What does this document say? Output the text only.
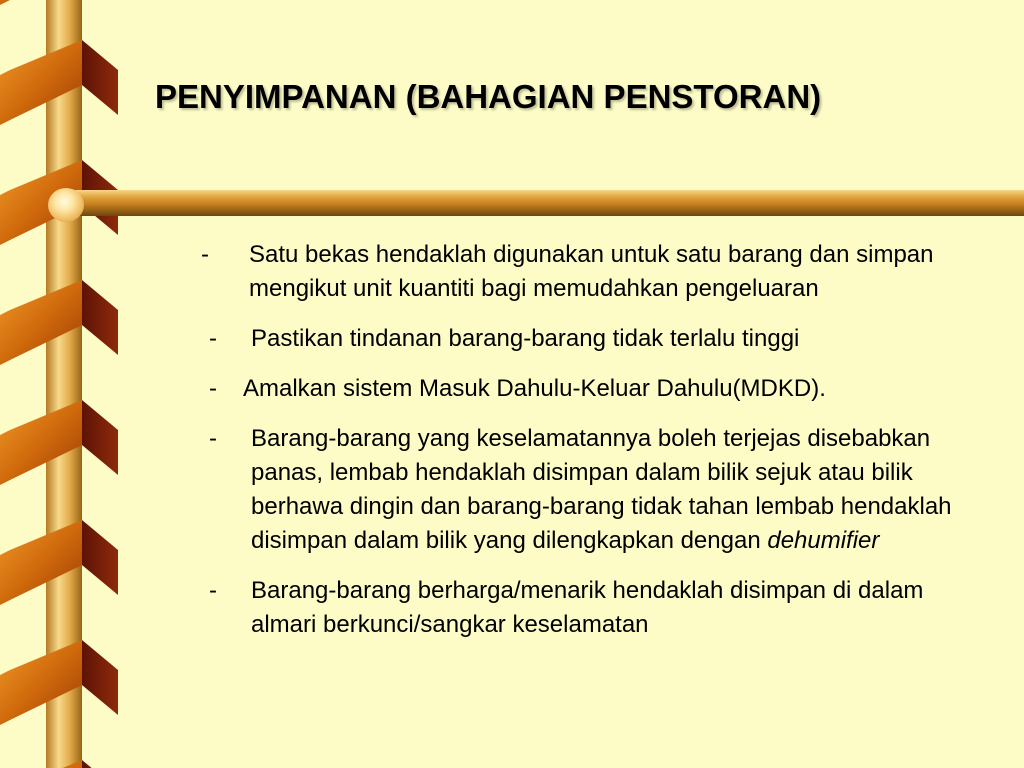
PENYIMPANAN (BAHAGIAN PENSTORAN)
- Satu bekas hendaklah digunakan untuk satu barang dan simpan mengikut unit kuantiti bagi memudahkan pengeluaran
- Pastikan tindanan barang-barang tidak terlalu tinggi
- Amalkan sistem Masuk Dahulu-Keluar Dahulu(MDKD).
- Barang-barang yang keselamatannya boleh terjejas disebabkan panas, lembab hendaklah disimpan dalam bilik sejuk atau bilik berhawa dingin dan barang-barang tidak tahan lembab hendaklah disimpan dalam bilik yang dilengkapkan dengan dehumifier
- Barang-barang berharga/menarik hendaklah disimpan di dalam almari berkunci/sangkar keselamatan
